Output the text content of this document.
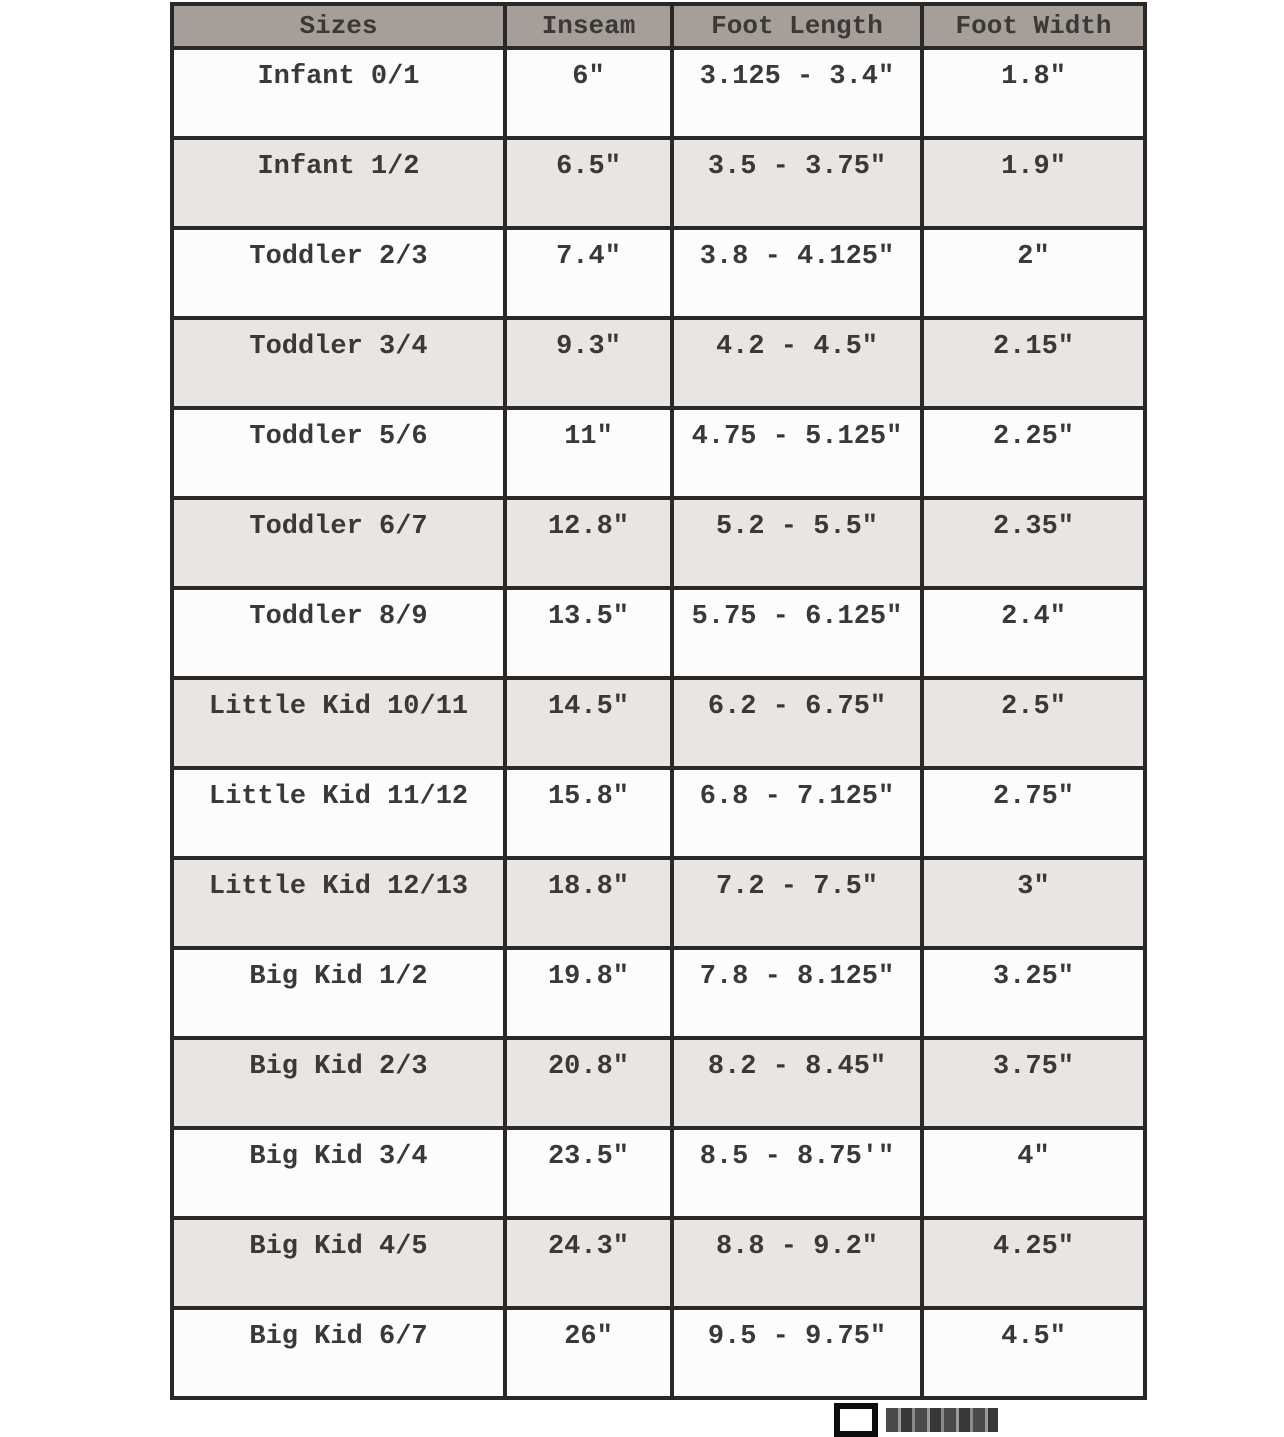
Sizes	Inseam	Foot Length	Foot Width
Infant 0/1	6"	3.125 - 3.4"	1.8"
Infant 1/2	6.5"	3.5 - 3.75"	1.9"
Toddler 2/3	7.4"	3.8 - 4.125"	2"
Toddler 3/4	9.3"	4.2 - 4.5"	2.15"
Toddler 5/6	11"	4.75 - 5.125"	2.25"
Toddler 6/7	12.8"	5.2 - 5.5"	2.35"
Toddler 8/9	13.5"	5.75 - 6.125"	2.4"
Little Kid 10/11	14.5"	6.2 - 6.75"	2.5"
Little Kid 11/12	15.8"	6.8 - 7.125"	2.75"
Little Kid 12/13	18.8"	7.2 - 7.5"	3"
Big Kid 1/2	19.8"	7.8 - 8.125"	3.25"
Big Kid 2/3	20.8"	8.2 - 8.45"	3.75"
Big Kid 3/4	23.5"	8.5 - 8.75'"	4"
Big Kid 4/5	24.3"	8.8 - 9.2"	4.25"
Big Kid 6/7	26"	9.5 - 9.75"	4.5"
